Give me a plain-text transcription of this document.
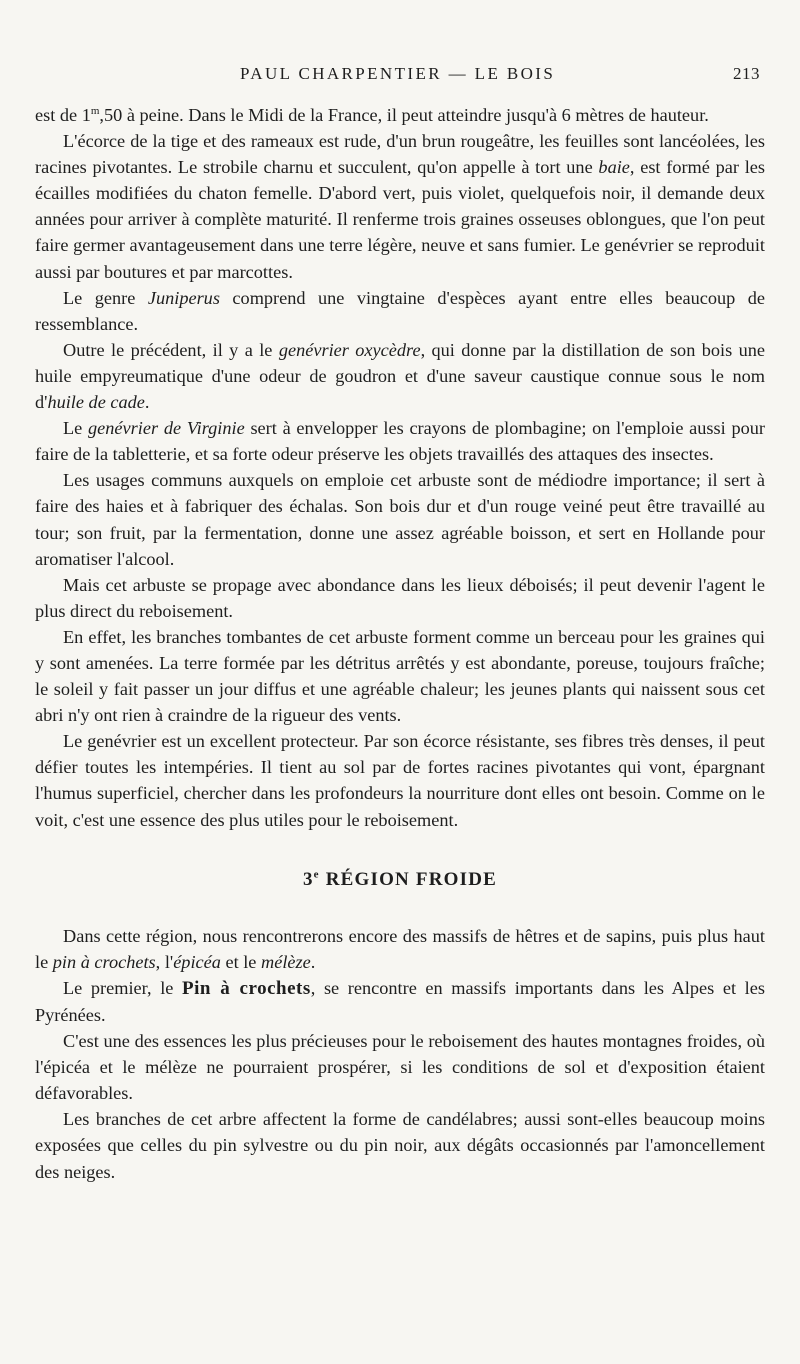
PAUL CHARPENTIER — LE BOIS	213

est de 1$^m$,50 à peine. Dans le Midi de la France, il peut atteindre jusqu'à 6 mètres de hauteur.

L'écorce de la tige et des rameaux est rude, d'un brun rougeâtre, les feuilles sont lancéolées, les racines pivotantes. Le strobile charnu et succulent, qu'on appelle à tort une baie, est formé par les écailles modifiées du chaton femelle. D'abord vert, puis violet, quelquefois noir, il demande deux années pour arriver à complète maturité. Il renferme trois graines osseuses oblongues, que l'on peut faire germer avantageusement dans une terre légère, neuve et sans fumier. Le genévrier se reproduit aussi par boutures et par marcottes.

Le genre Juniperus comprend une vingtaine d'espèces ayant entre elles beaucoup de ressemblance.

Outre le précédent, il y a le genévrier oxycèdre, qui donne par la distillation de son bois une huile empyreumatique d'une odeur de goudron et d'une saveur caustique connue sous le nom d'huile de cade.

Le genévrier de Virginie sert à envelopper les crayons de plombagine; on l'emploie aussi pour faire de la tabletterie, et sa forte odeur préserve les objets travaillés des attaques des insectes.

Les usages communs auxquels on emploie cet arbuste sont de médiodre importance; il sert à faire des haies et à fabriquer des échalas. Son bois dur et d'un rouge veiné peut être travaillé au tour; son fruit, par la fermentation, donne une assez agréable boisson, et sert en Hollande pour aromatiser l'alcool.

Mais cet arbuste se propage avec abondance dans les lieux déboisés; il peut devenir l'agent le plus direct du reboisement.

En effet, les branches tombantes de cet arbuste forment comme un berceau pour les graines qui y sont amenées. La terre formée par les détritus arrêtés y est abondante, poreuse, toujours fraîche; le soleil y fait passer un jour diffus et une agréable chaleur; les jeunes plants qui naissent sous cet abri n'y ont rien à craindre de la rigueur des vents.

Le genévrier est un excellent protecteur. Par son écorce résistante, ses fibres très denses, il peut défier toutes les intempéries. Il tient au sol par de fortes racines pivotantes qui vont, épargnant l'humus superficiel, chercher dans les profondeurs la nourriture dont elles ont besoin. Comme on le voit, c'est une essence des plus utiles pour le reboisement.

3e RÉGION FROIDE

Dans cette région, nous rencontrerons encore des massifs de hêtres et de sapins, puis plus haut le pin à crochets, l'épicéa et le mélèze.

Le premier, le Pin à crochets, se rencontre en massifs importants dans les Alpes et les Pyrénées.

C'est une des essences les plus précieuses pour le reboisement des hautes montagnes froides, où l'épicéa et le mélèze ne pourraient prospérer, si les conditions de sol et d'exposition étaient défavorables.

Les branches de cet arbre affectent la forme de candélabres; aussi sont-elles beaucoup moins exposées que celles du pin sylvestre ou du pin noir, aux dégâts occasionnés par l'amoncellement des neiges.
